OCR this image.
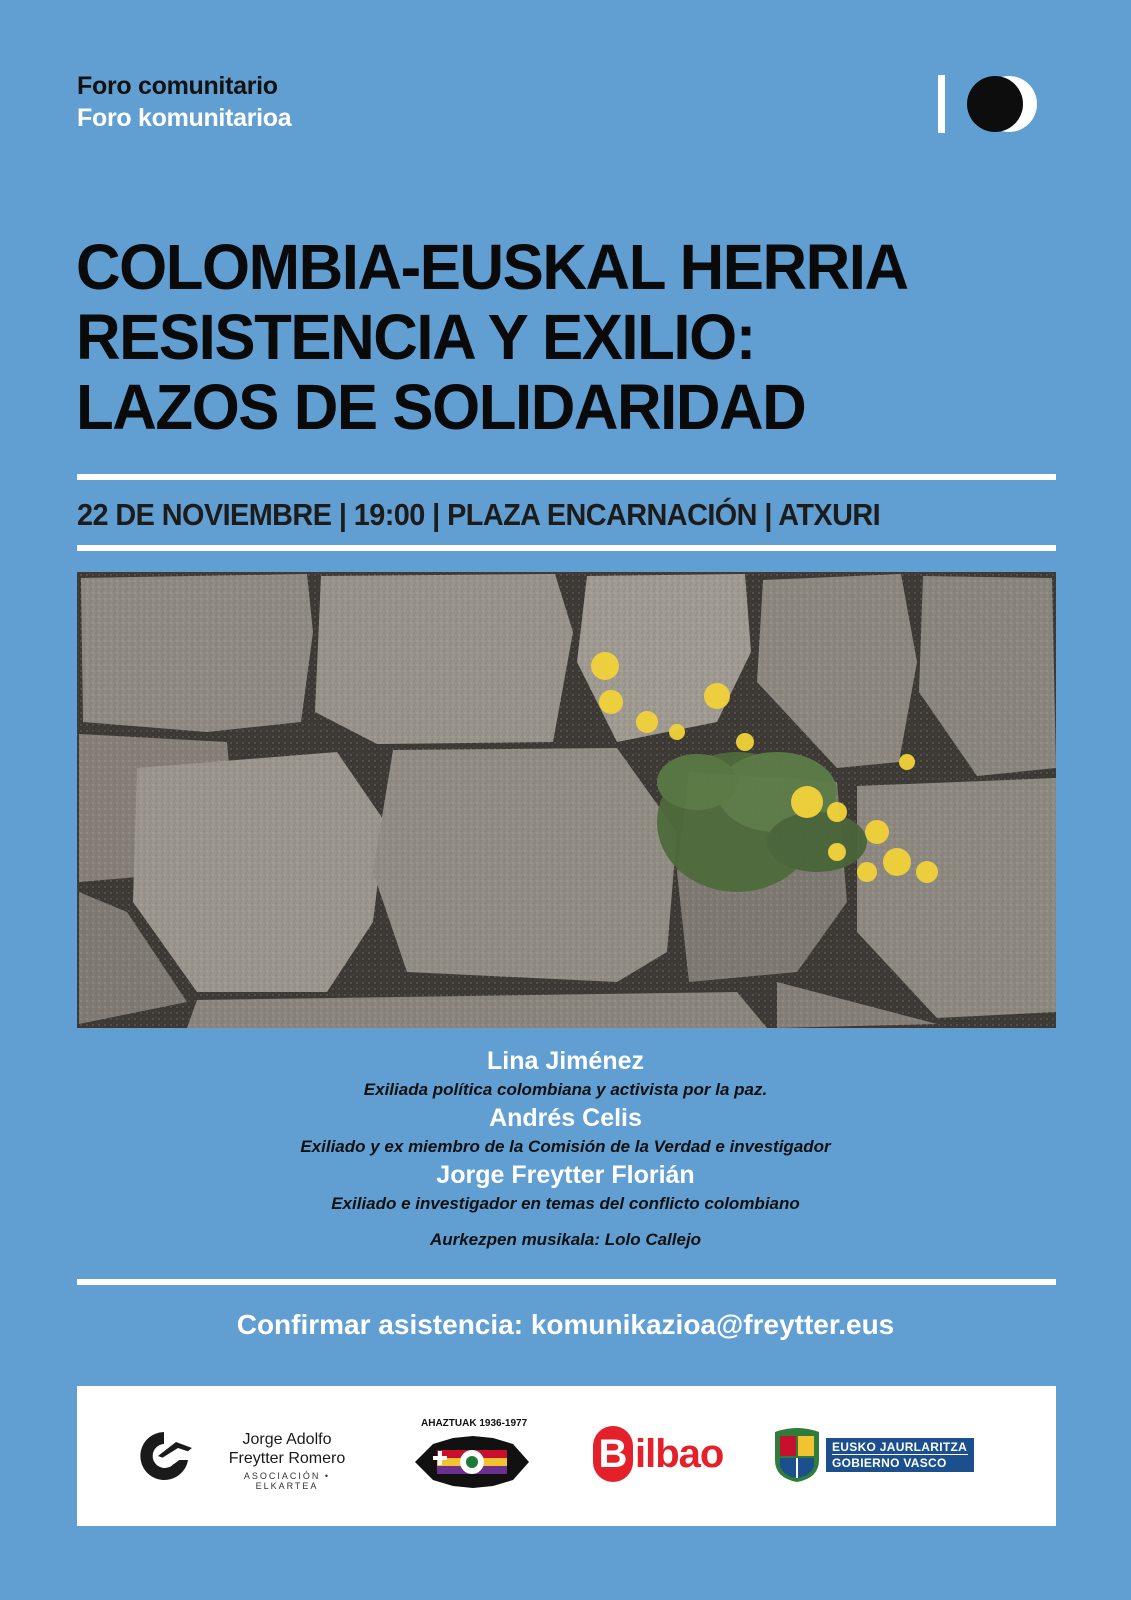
Foro comunitario
Foro komunitarioa
COLOMBIA-EUSKAL HERRIA
RESISTENCIA Y EXILIO:
LAZOS DE SOLIDARIDAD
22 DE NOVIEMBRE | 19:00 | PLAZA ENCARNACIÓN | ATXURI
Lina Jiménez
Exiliada política colombiana y activista por la paz.
Andrés Celis
Exiliado y ex miembro de la Comisión de la Verdad e investigador
Jorge Freytter Florián
Exiliado e investigador en temas del conflicto colombiano
Aurkezpen musikala: Lolo Callejo
Confirmar asistencia: komunikazioa@freytter.eus
Jorge Adolfo
Freytter Romero
ASOCIACIÓN • ELKARTEA
AHAZTUAK 1936-1977
B ilbao	EUSKO JAURLARITZA
GOBIERNO VASCO
